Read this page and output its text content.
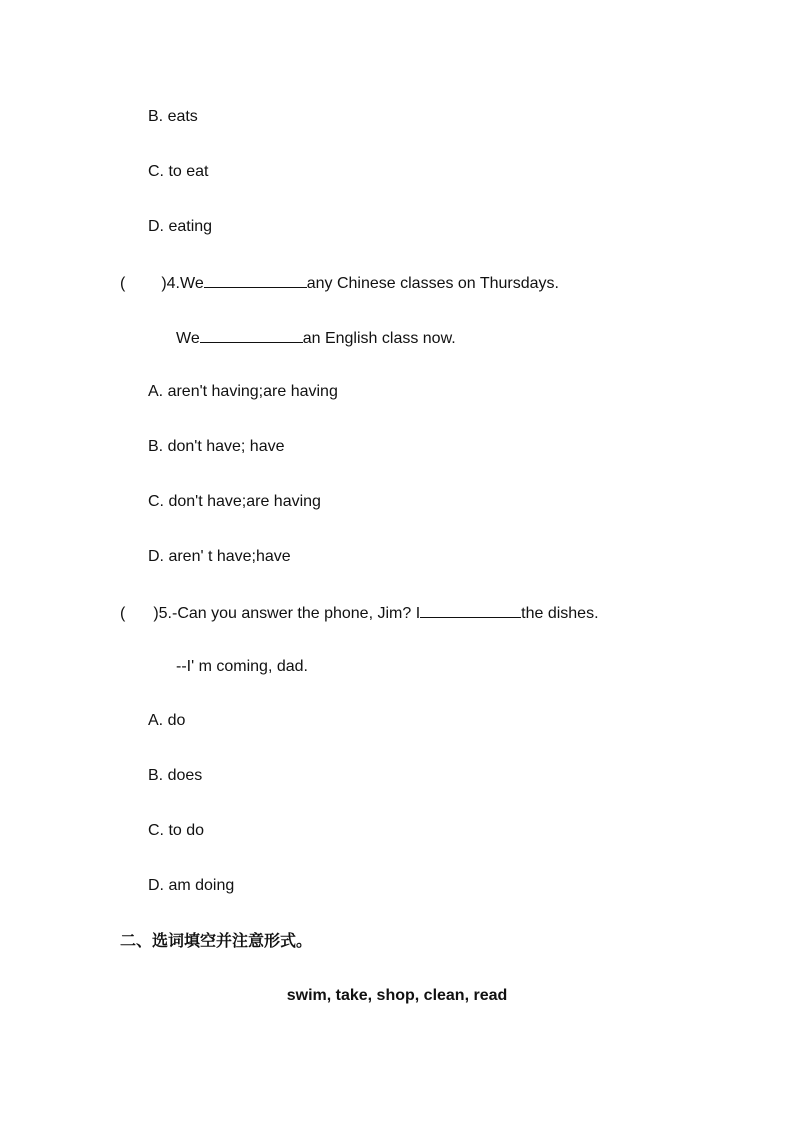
B. eats
C. to eat
D. eating
( )4.We	any Chinese classes on Thursdays.
We	an English class now.
A. aren't having;are having
B. don't have; have
C. don't have;are having
D. aren' t have;have
( )5.-Can you answer the phone, Jim? I	the dishes.
--I' m coming, dad.
A. do
B. does
C. to do
D. am doing
二、选词填空并注意形式。
swim, take, shop, clean, read
